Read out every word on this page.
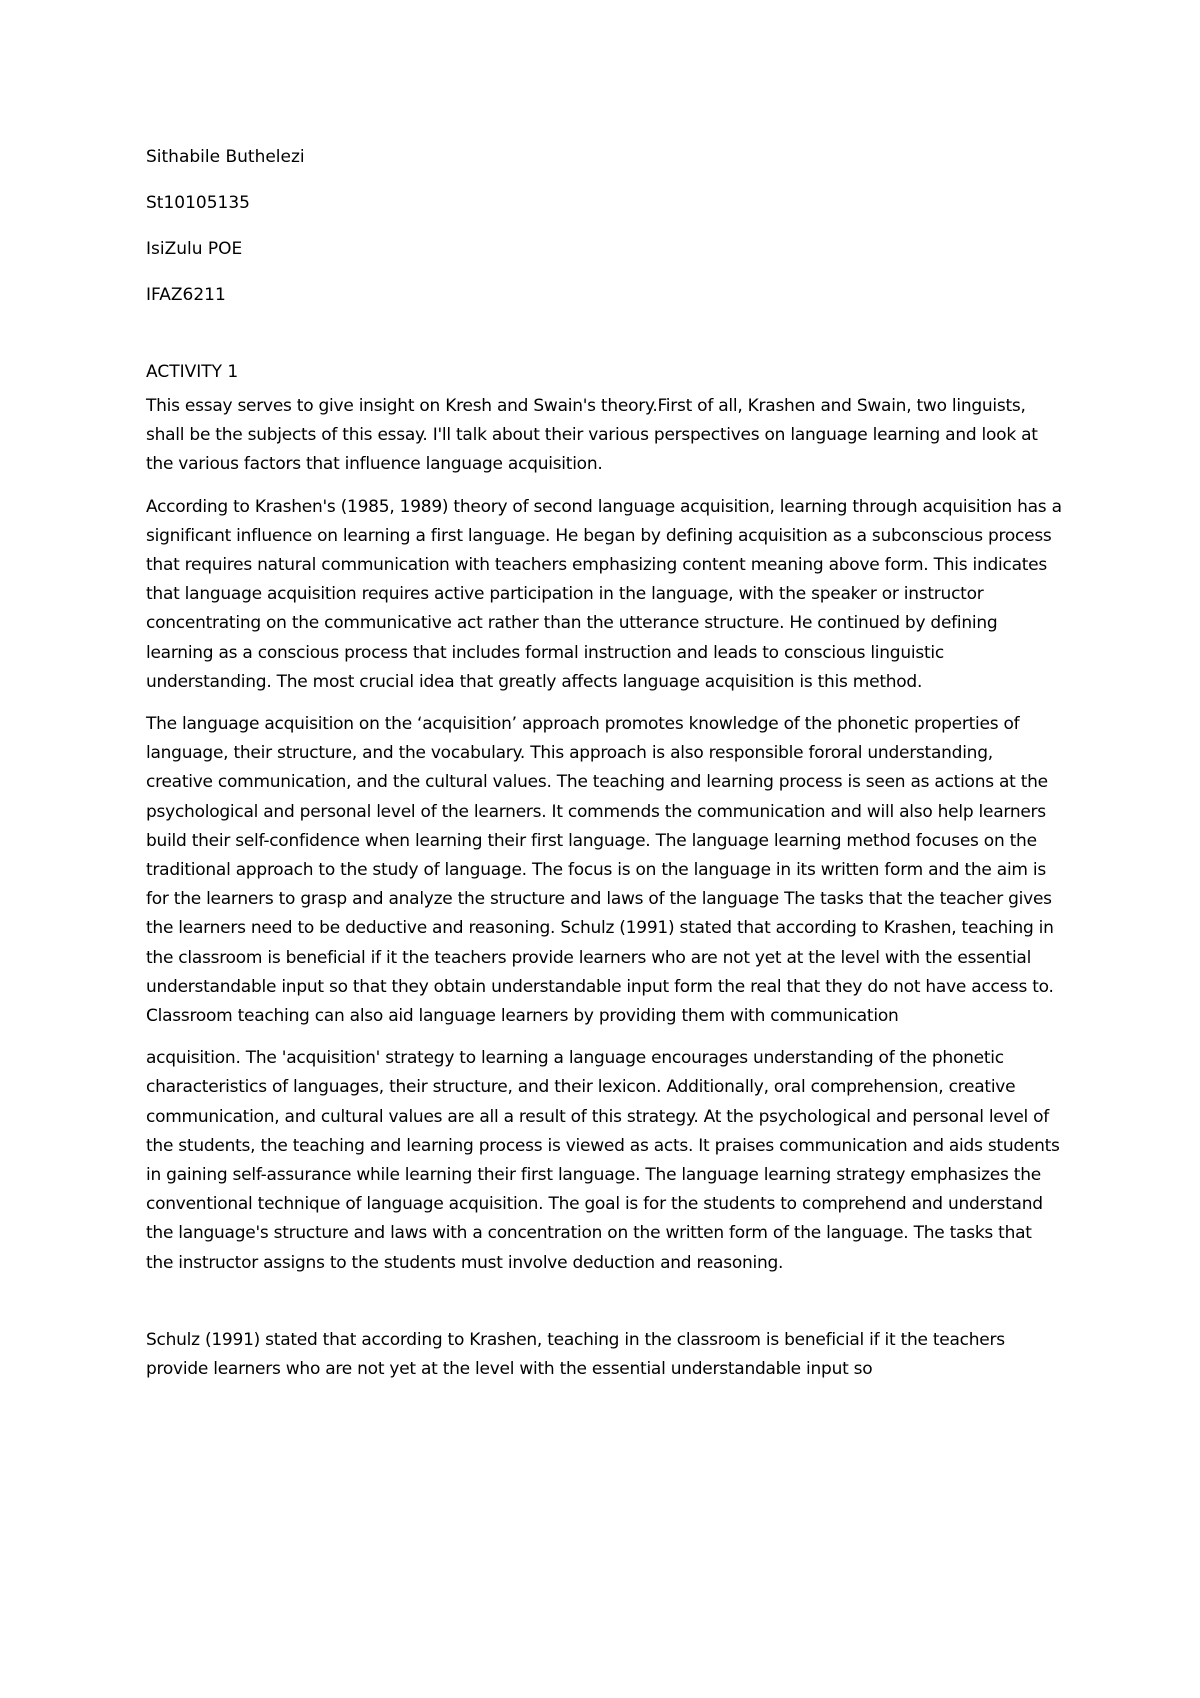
Sithabile Buthelezi
St10105135
IsiZulu POE
IFAZ6211
ACTIVITY 1

This essay serves to give insight on Kresh and Swain's theory.First of all, Krashen and Swain, two linguists, shall be the subjects of this essay. I'll talk about their various perspectives on language learning and look at the various factors that influence language acquisition.

According to Krashen's (1985, 1989) theory of second language acquisition, learning through acquisition has a significant influence on learning a first language. He began by defining acquisition as a subconscious process that requires natural communication with teachers emphasizing content meaning above form. This indicates that language acquisition requires active participation in the language, with the speaker or instructor concentrating on the communicative act rather than the utterance structure. He continued by defining learning as a conscious process that includes formal instruction and leads to conscious linguistic understanding. The most crucial idea that greatly affects language acquisition is this method.

The language acquisition on the ‘acquisition’ approach promotes knowledge of the phonetic properties of language, their structure, and the vocabulary. This approach is also responsible fororal understanding, creative communication, and the cultural values. The teaching and learning process is seen as actions at the psychological and personal level of the learners. It commends the communication and will also help learners build their self-confidence when learning their first language. The language learning method focuses on the traditional approach to the study of language. The focus is on the language in its written form and the aim is for the learners to grasp and analyze the structure and laws of the language The tasks that the teacher gives the learners need to be deductive and reasoning. Schulz (1991) stated that according to Krashen, teaching in the classroom is beneficial if it the teachers provide learners who are not yet at the level with the essential understandable input so that they obtain understandable input form the real that they do not have access to. Classroom teaching can also aid language learners by providing them with communication

acquisition. The 'acquisition' strategy to learning a language encourages understanding of the phonetic characteristics of languages, their structure, and their lexicon. Additionally, oral comprehension, creative communication, and cultural values are all a result of this strategy. At the psychological and personal level of the students, the teaching and learning process is viewed as acts. It praises communication and aids students in gaining self-assurance while learning their first language. The language learning strategy emphasizes the conventional technique of language acquisition. The goal is for the students to comprehend and understand the language's structure and laws with a concentration on the written form of the language. The tasks that the instructor assigns to the students must involve deduction and reasoning.

Schulz (1991) stated that according to Krashen, teaching in the classroom is beneficial if it the teachers provide learners who are not yet at the level with the essential understandable input so
